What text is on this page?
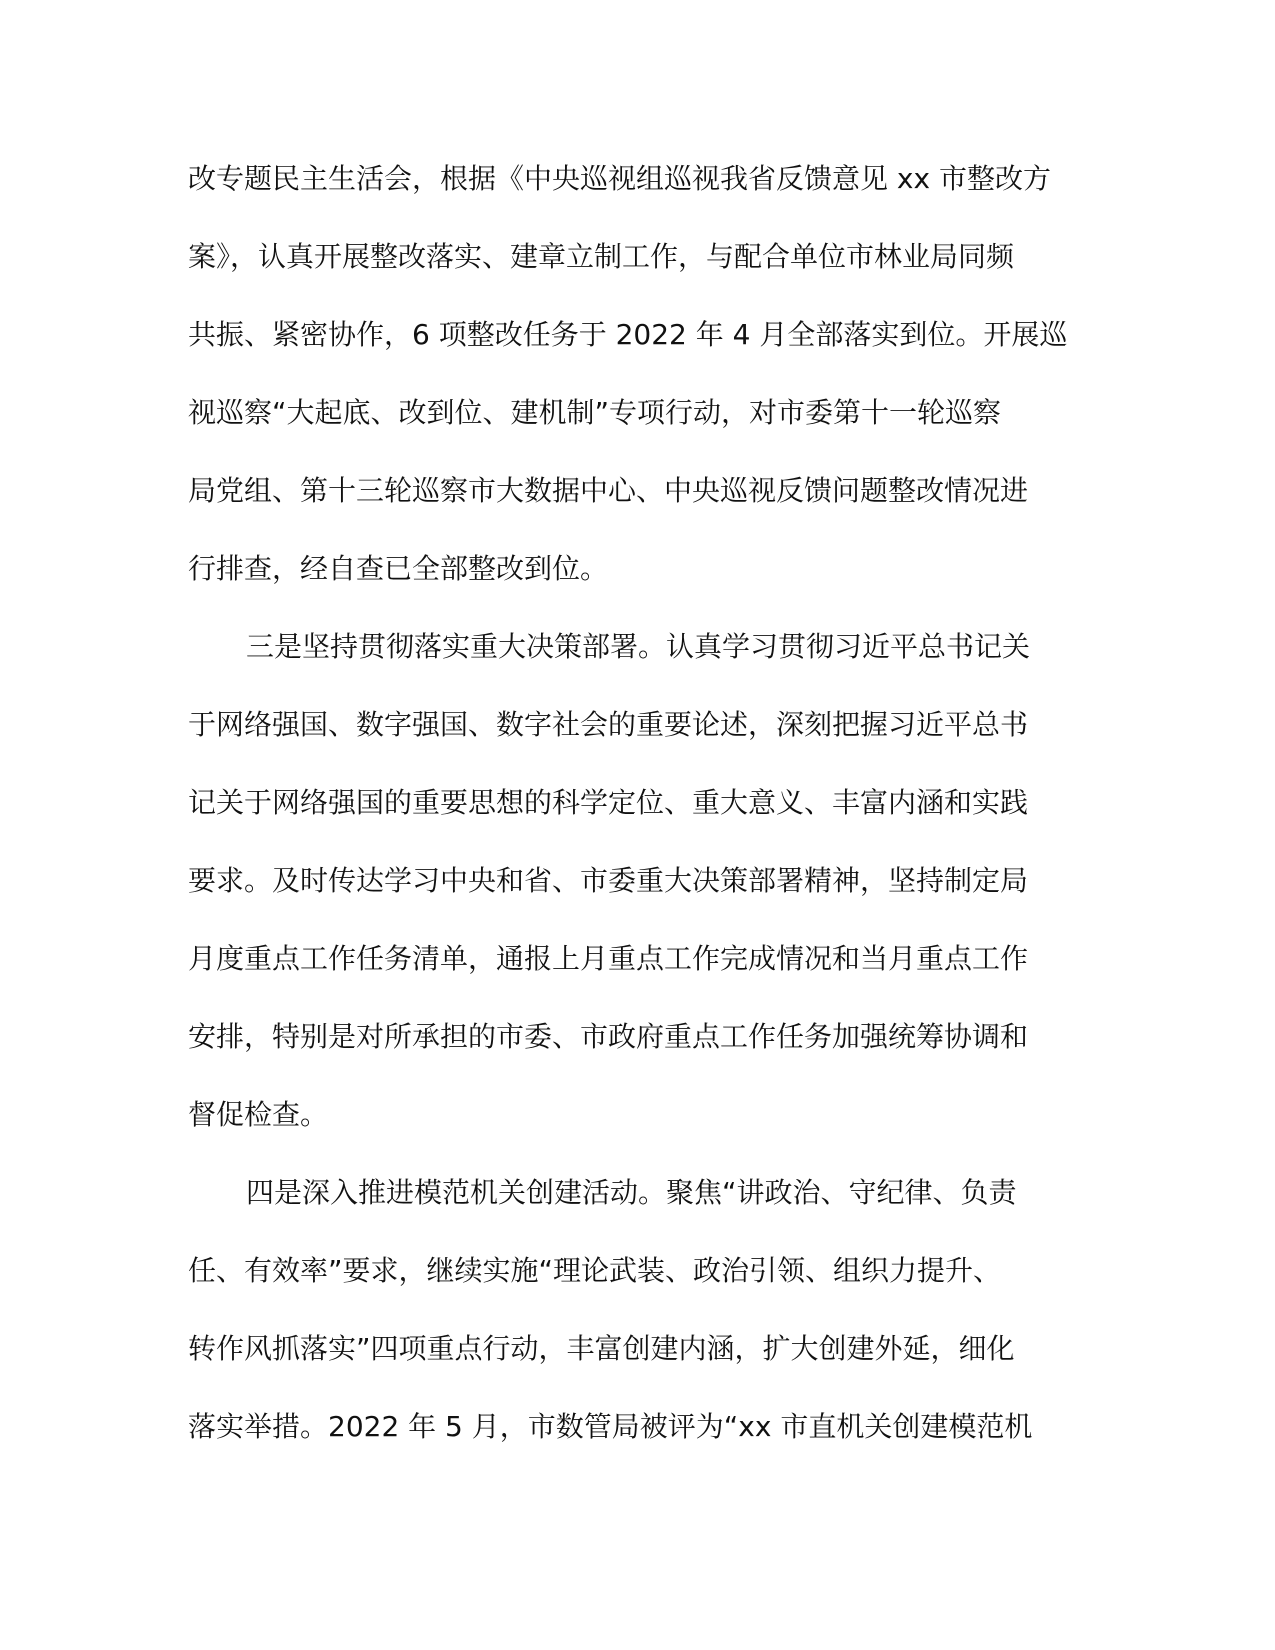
改专题民主生活会，根据《中央巡视组巡视我省反馈意见 xx 市整改方
案》，认真开展整改落实、建章立制工作，与配合单位市林业局同频
共振、紧密协作，6 项整改任务于 2022 年 4 月全部落实到位。开展巡
视巡察“大起底、改到位、建机制”专项行动，对市委第十一轮巡察
局党组、第十三轮巡察市大数据中心、中央巡视反馈问题整改情况进
行排查，经自查已全部整改到位。
三是坚持贯彻落实重大决策部署。认真学习贯彻习近平总书记关
于网络强国、数字强国、数字社会的重要论述，深刻把握习近平总书
记关于网络强国的重要思想的科学定位、重大意义、丰富内涵和实践
要求。及时传达学习中央和省、市委重大决策部署精神，坚持制定局
月度重点工作任务清单，通报上月重点工作完成情况和当月重点工作
安排，特别是对所承担的市委、市政府重点工作任务加强统筹协调和
督促检查。
四是深入推进模范机关创建活动。聚焦“讲政治、守纪律、负责
任、有效率”要求，继续实施“理论武装、政治引领、组织力提升、
转作风抓落实”四项重点行动，丰富创建内涵，扩大创建外延，细化
落实举措。2022 年 5 月，市数管局被评为“xx 市直机关创建模范机
